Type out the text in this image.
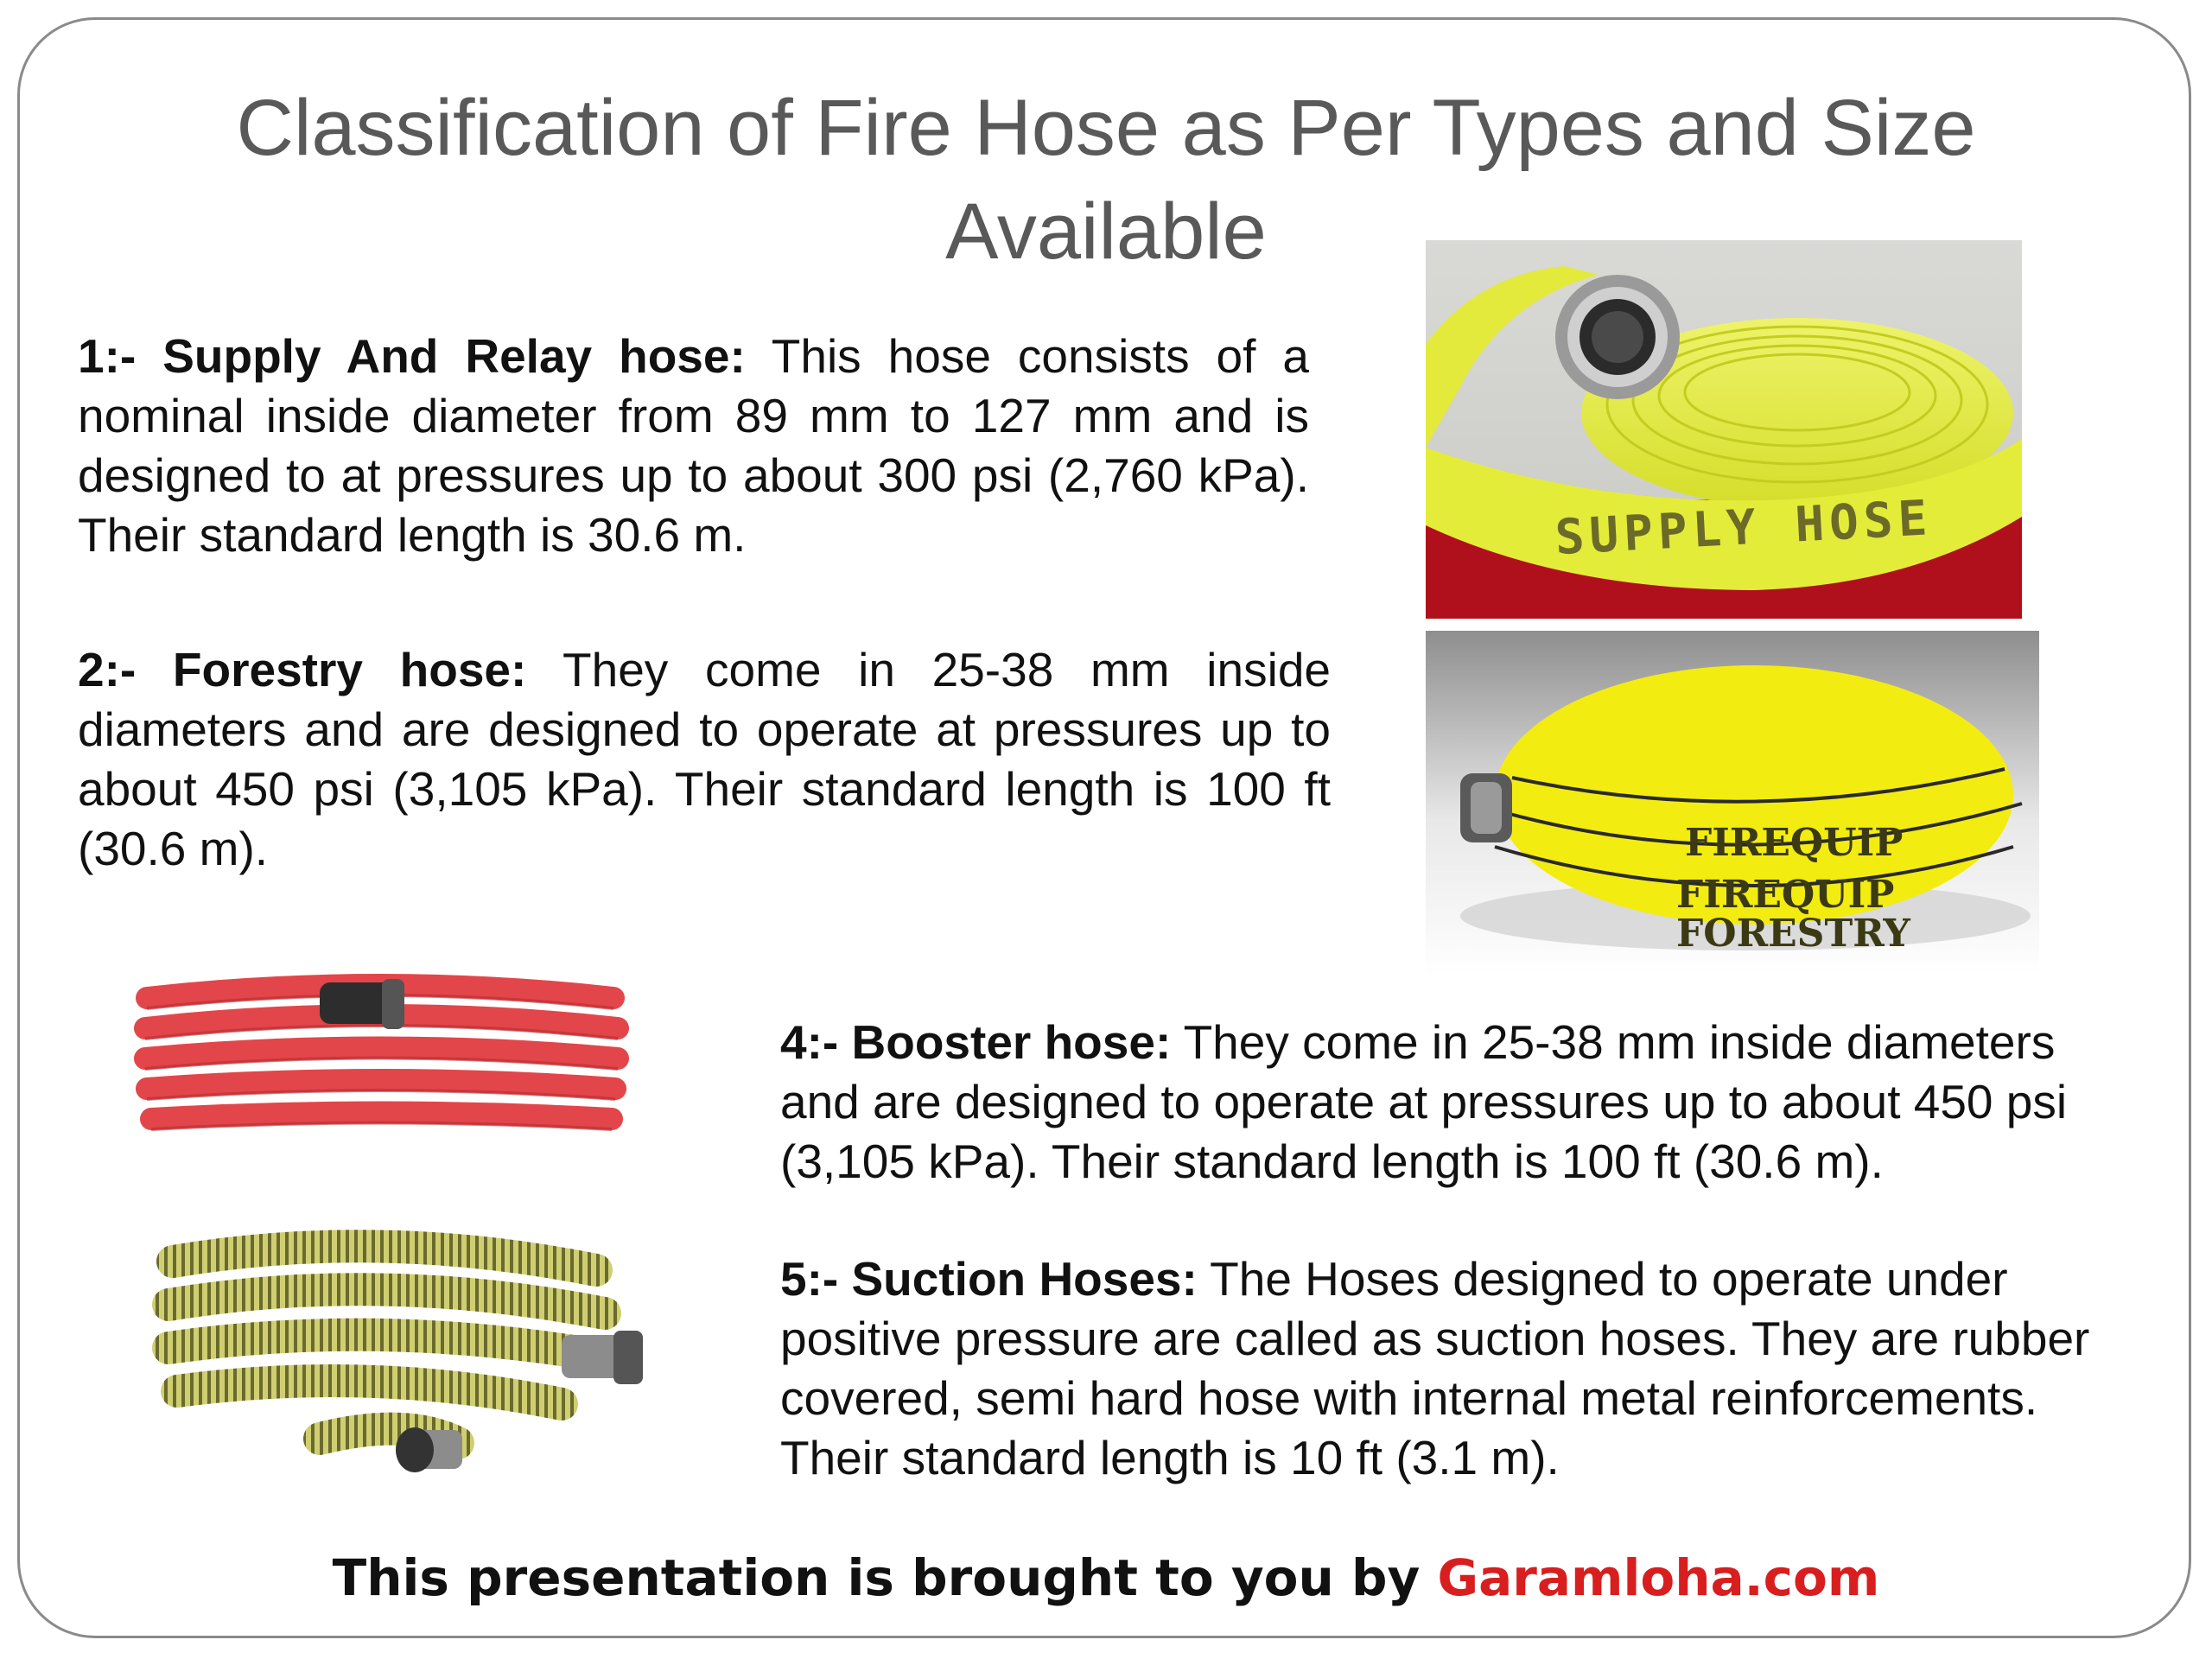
Classification of Fire Hose as Per Types and Size Available
1:- Supply And Relay hose: This hose consists of a nominal inside diameter from 89 mm to 127 mm and is designed to at pressures up to about 300 psi (2,760 kPa). Their standard length is 30.6 m.
2:- Forestry hose: They come in 25-38 mm inside diameters and are designed to operate at pressures up to about 450 psi (3,105 kPa). Their standard length is 100 ft (30.6 m).
4:- Booster hose: They come in 25-38 mm inside diameters and are designed to operate at pressures up to about 450 psi (3,105 kPa). Their standard length is 100 ft (30.6 m).
5:- Suction Hoses: The Hoses designed to operate under positive pressure are called as suction hoses. They are rubber covered, semi hard hose with internal metal reinforcements. Their standard length is 10 ft (3.1 m).
SUPPLY HOSE
FIREQUIP
FIREQUIP
FORESTRY
This presentation is brought to you by Garamloha.com
